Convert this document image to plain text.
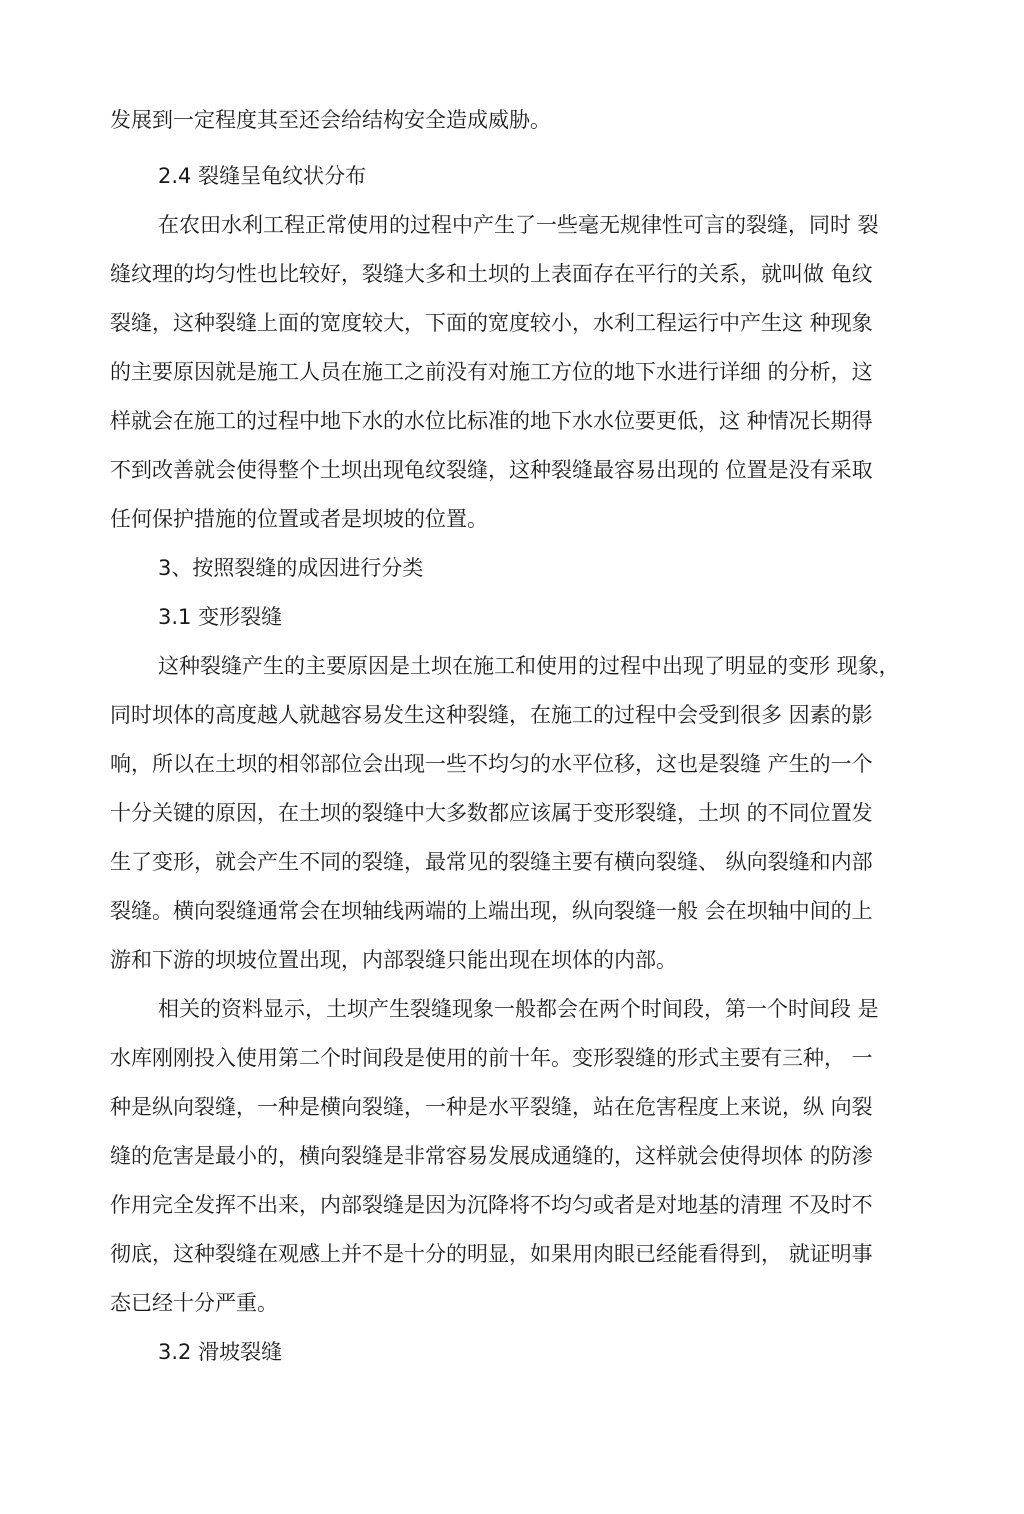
发展到一定程度其至还会给结构安全造成威胁。
2.4 裂缝呈龟纹状分布
在农田水利工程正常使用的过程中产生了一些毫无规律性可言的裂缝，同时 裂
缝纹理的均匀性也比较好，裂缝大多和土坝的上表面存在平行的关系，就叫做 龟纹
裂缝，这种裂缝上面的宽度较大，下面的宽度较小，水利工程运行中产生这 种现象
的主要原因就是施工人员在施工之前没有对施工方位的地下水进行详细 的分析，这
样就会在施工的过程中地下水的水位比标准的地下水水位要更低，这 种情况长期得
不到改善就会使得整个土坝出现龟纹裂缝，这种裂缝最容易出现的 位置是没有采取
任何保护措施的位置或者是坝坡的位置。
3、按照裂缝的成因进行分类
3.1 变形裂缝
这种裂缝产生的主要原因是土坝在施工和使用的过程中出现了明显的变形 现象，
同时坝体的高度越人就越容易发生这种裂缝，在施工的过程中会受到很多 因素的影
响，所以在土坝的相邻部位会出现一些不均匀的水平位移，这也是裂缝 产生的一个
十分关键的原因，在土坝的裂缝中大多数都应该属于变形裂缝，土坝 的不同位置发
生了变形，就会产生不同的裂缝，最常见的裂缝主要有横向裂缝、 纵向裂缝和内部
裂缝。横向裂缝通常会在坝轴线两端的上端出现，纵向裂缝一般 会在坝轴中间的上
游和下游的坝坡位置出现，内部裂缝只能出现在坝体的内部。
相关的资料显示，土坝产生裂缝现象一般都会在两个时间段，第一个时间段 是
水库刚刚投入使用第二个时间段是使用的前十年。变形裂缝的形式主要有三种， 一
种是纵向裂缝，一种是横向裂缝，一种是水平裂缝，站在危害程度上来说，纵 向裂
缝的危害是最小的，横向裂缝是非常容易发展成通缝的，这样就会使得坝体 的防渗
作用完全发挥不出来，内部裂缝是因为沉降将不均匀或者是对地基的清理 不及时不
彻底，这种裂缝在观感上并不是十分的明显，如果用肉眼已经能看得到， 就证明事
态已经十分严重。
3.2 滑坡裂缝
